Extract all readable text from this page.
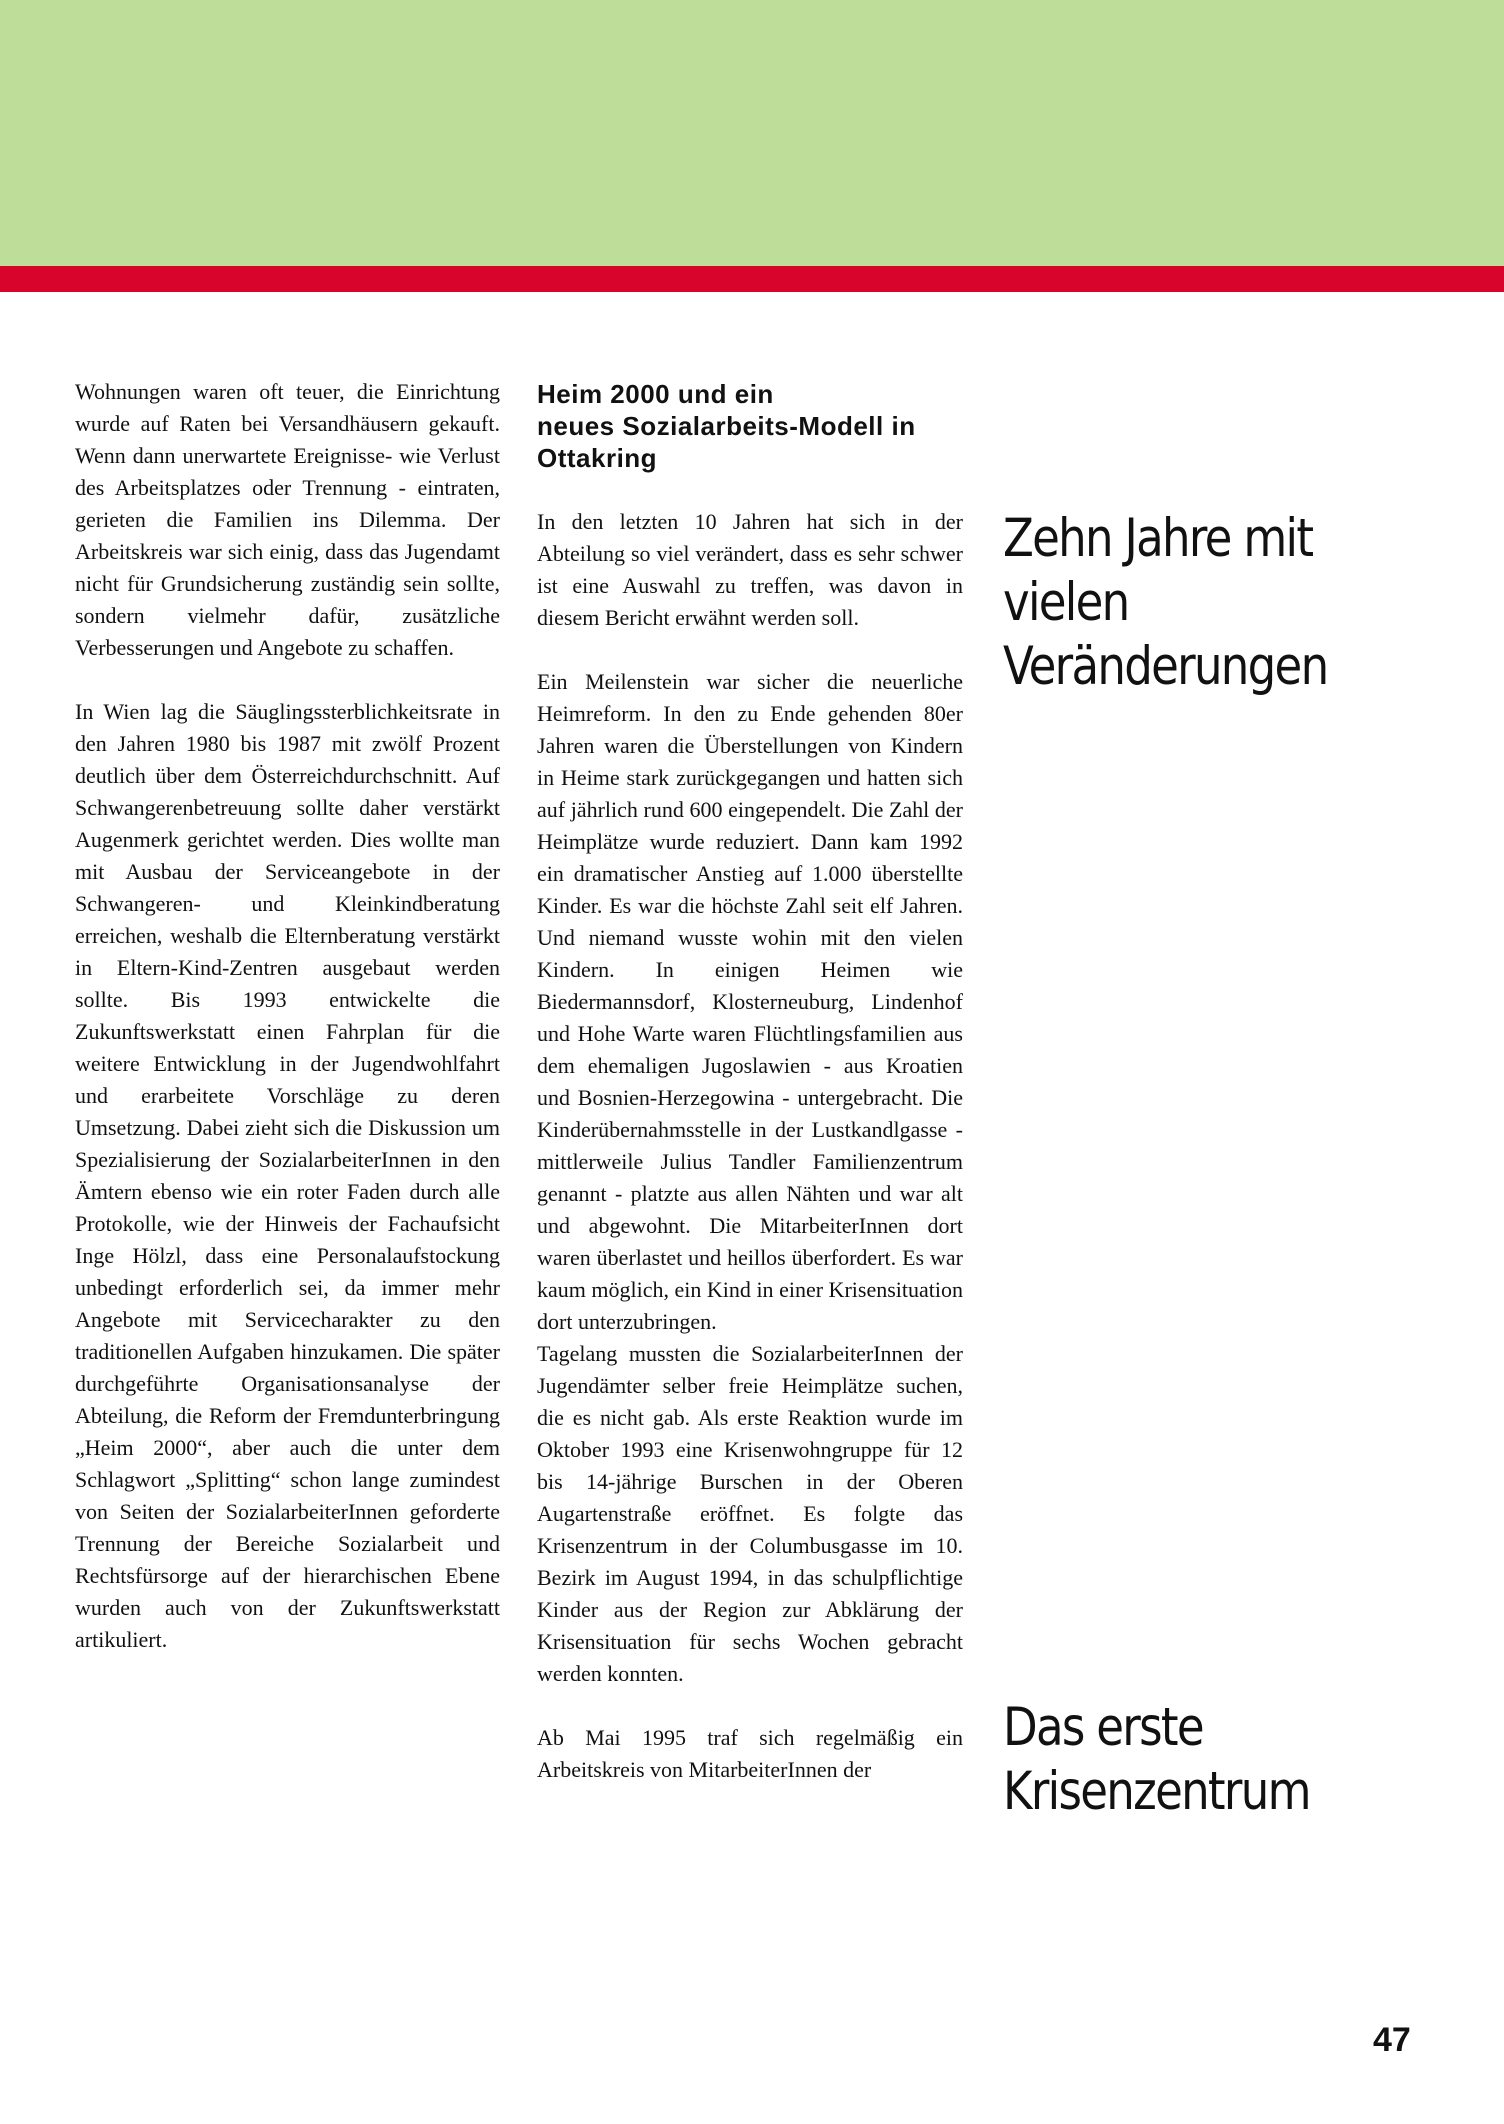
Wohnungen waren oft teuer, die Einrichtung wurde auf Raten bei Versandhäusern gekauft. Wenn dann unerwartete Ereignisse- wie Verlust des Arbeitsplatzes oder Trennung - eintraten, gerieten die Familien ins Dilemma. Der Arbeitskreis war sich einig, dass das Jugendamt nicht für Grundsicherung zuständig sein sollte, sondern vielmehr dafür, zusätzliche Verbesserungen und Angebote zu schaffen.

In Wien lag die Säuglingssterblichkeitsrate in den Jahren 1980 bis 1987 mit zwölf Prozent deutlich über dem Österreichdurchschnitt. Auf Schwangerenbetreuung sollte daher verstärkt Augenmerk gerichtet werden. Dies wollte man mit Ausbau der Serviceangebote in der Schwangeren- und Kleinkindberatung erreichen, weshalb die Elternberatung verstärkt in Eltern-Kind-Zentren ausgebaut werden sollte. Bis 1993 entwickelte die Zukunftswerkstatt einen Fahrplan für die weitere Entwicklung in der Jugendwohlfahrt und erarbeitete Vorschläge zu deren Umsetzung. Dabei zieht sich die Diskussion um Spezialisierung der SozialarbeiterInnen in den Ämtern ebenso wie ein roter Faden durch alle Protokolle, wie der Hinweis der Fachaufsicht Inge Hölzl, dass eine Personalaufstockung unbedingt erforderlich sei, da immer mehr Angebote mit Servicecharakter zu den traditionellen Aufgaben hinzukamen. Die später durchgeführte Organisationsanalyse der Abteilung, die Reform der Fremdunterbringung „Heim 2000“, aber auch die unter dem Schlagwort „Splitting“ schon lange zumindest von Seiten der SozialarbeiterInnen geforderte Trennung der Bereiche Sozialarbeit und Rechtsfürsorge auf der hierarchischen Ebene wurden auch von der Zukunftswerkstatt artikuliert.

Heim 2000 und ein
neues Sozialarbeits-Modell in
Ottakring

In den letzten 10 Jahren hat sich in der Abteilung so viel verändert, dass es sehr schwer ist eine Auswahl zu treffen, was davon in diesem Bericht erwähnt werden soll.

Ein Meilenstein war sicher die neuerliche Heimreform. In den zu Ende gehenden 80er Jahren waren die Überstellungen von Kindern in Heime stark zurückgegangen und hatten sich auf jährlich rund 600 eingependelt. Die Zahl der Heimplätze wurde reduziert. Dann kam 1992 ein dramatischer Anstieg auf 1.000 überstellte Kinder. Es war die höchste Zahl seit elf Jahren. Und niemand wusste wohin mit den vielen Kindern. In einigen Heimen wie Biedermannsdorf, Klosterneuburg, Lindenhof und Hohe Warte waren Flüchtlingsfamilien aus dem ehemaligen Jugoslawien - aus Kroatien und Bosnien-Herzegowina - untergebracht. Die Kinderübernahmsstelle in der Lustkandlgasse - mittlerweile Julius Tandler Familienzentrum genannt - platzte aus allen Nähten und war alt und abgewohnt. Die MitarbeiterInnen dort waren überlastet und heillos überfordert. Es war kaum möglich, ein Kind in einer Krisensituation dort unterzubringen.

Tagelang mussten die SozialarbeiterInnen der Jugendämter selber freie Heimplätze suchen, die es nicht gab. Als erste Reaktion wurde im Oktober 1993 eine Krisenwohngruppe für 12 bis 14-jährige Burschen in der Oberen Augartenstraße eröffnet. Es folgte das Krisenzentrum in der Columbusgasse im 10. Bezirk im August 1994, in das schulpflichtige Kinder aus der Region zur Abklärung der Krisensituation für sechs Wochen gebracht werden konnten.

Ab Mai 1995 traf sich regelmäßig ein Arbeitskreis von MitarbeiterInnen der

Zehn Jahre mit
vielen Veränderungen
Das erste
Krisenzentrum
47
